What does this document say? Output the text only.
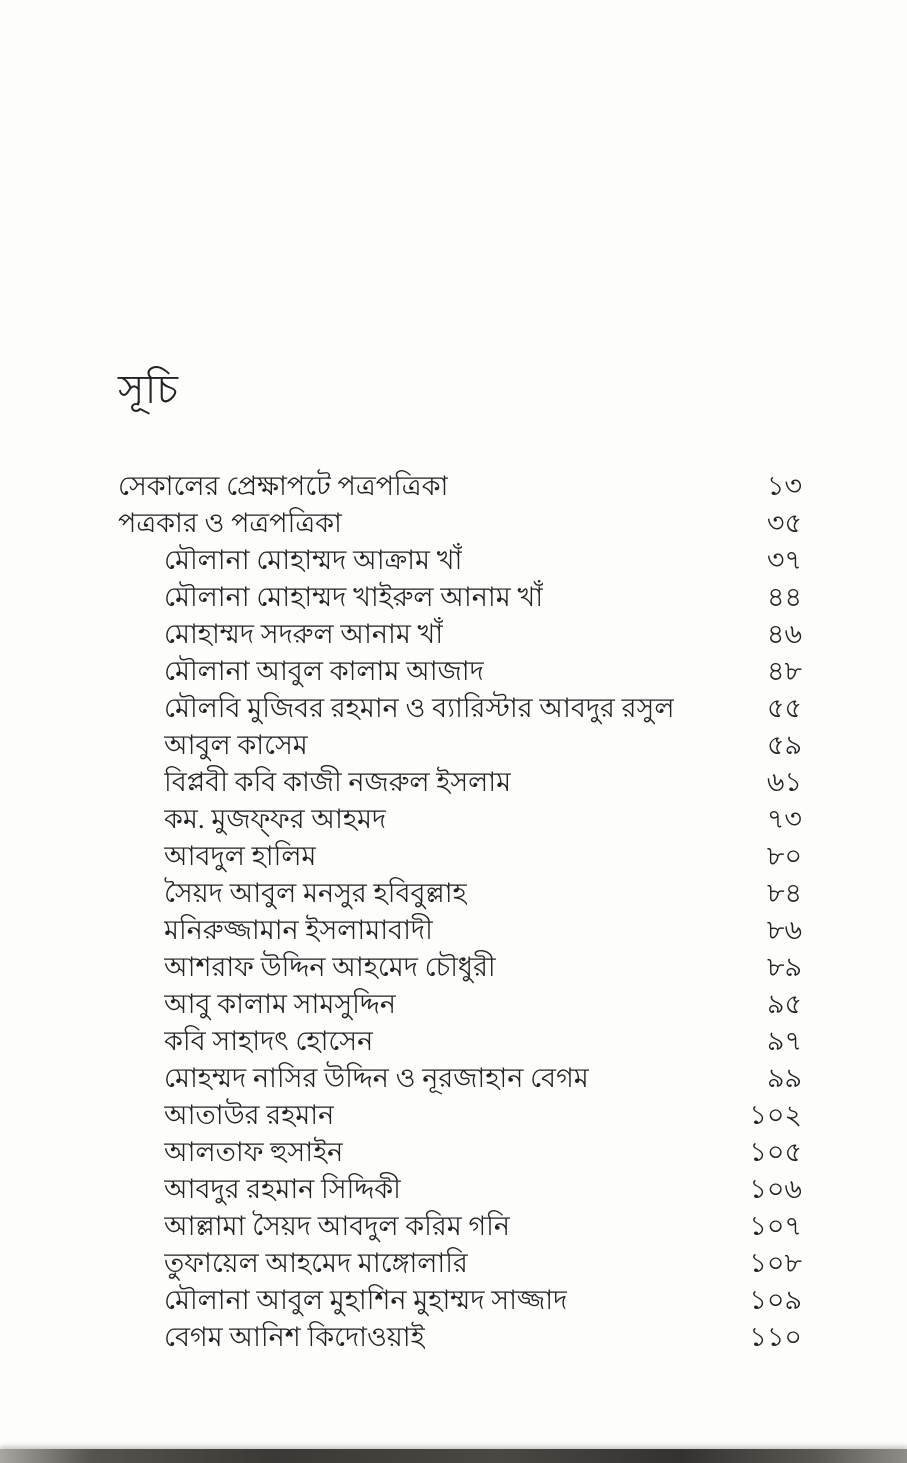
সূচি
সেকালের প্রেক্ষাপটে পত্রপত্রিকা	১৩
পত্রকার ও পত্রপত্রিকা	৩৫
মৌলানা মোহাম্মদ আক্রাম খাঁ	৩৭
মৌলানা মোহাম্মদ খাইরুল আনাম খাঁ	৪৪
মোহাম্মদ সদরুল আনাম খাঁ	৪৬
মৌলানা আবুল কালাম আজাদ	৪৮
মৌলবি মুজিবর রহমান ও ব্যারিস্টার আবদুর রসুল	৫৫
আবুল কাসেম	৫৯
বিপ্লবী কবি কাজী নজরুল ইসলাম	৬১
কম. মুজফ্ফর আহমদ	৭৩
আবদুল হালিম	৮০
সৈয়দ আবুল মনসুর হবিবুল্লাহ	৮৪
মনিরুজ্জামান ইসলামাবাদী	৮৬
আশরাফ উদ্দিন আহমেদ চৌধুরী	৮৯
আবু কালাম সামসুদ্দিন	৯৫
কবি সাহাদৎ হোসেন	৯৭
মোহম্মদ নাসির উদ্দিন ও নূরজাহান বেগম	৯৯
আতাউর রহমান	১০২
আলতাফ হুসাইন	১০৫
আবদুর রহমান সিদ্দিকী	১০৬
আল্লামা সৈয়দ আবদুল করিম গনি	১০৭
তুফায়েল আহমেদ মাঙ্গোলারি	১০৮
মৌলানা আবুল মুহাশিন মুহাম্মদ সাজ্জাদ	১০৯
বেগম আনিশ কিদোওয়াই	১১০
